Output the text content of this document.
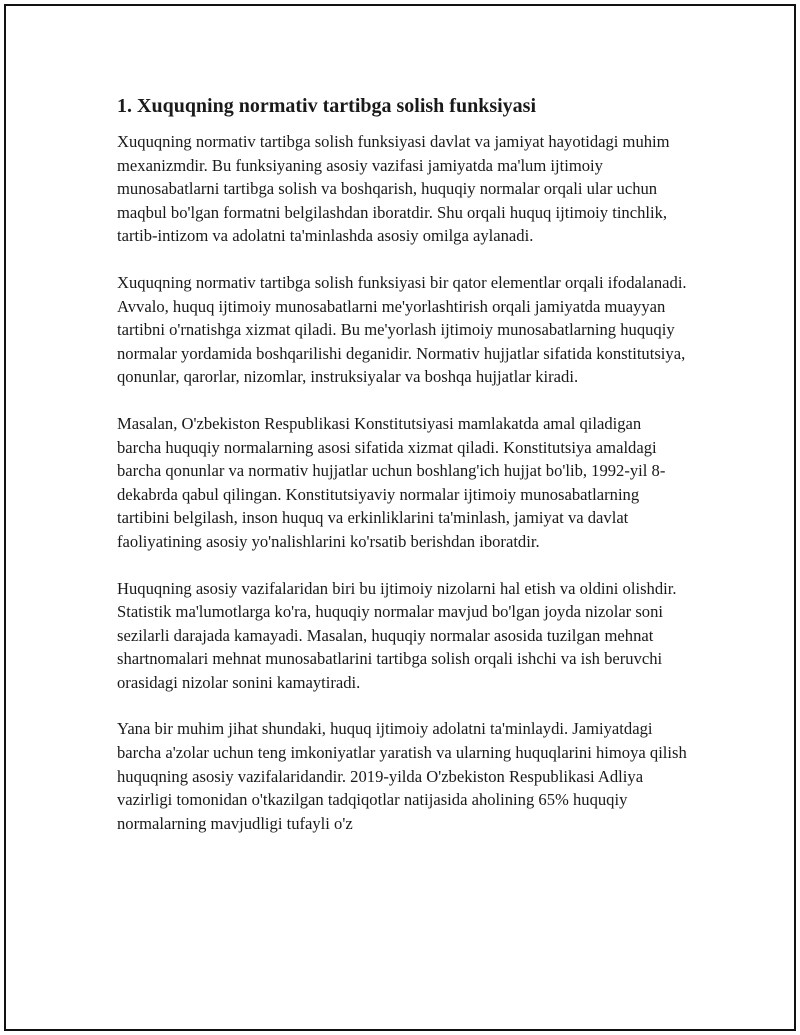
1. Xuquqning normativ tartibga solish funksiyasi

Xuquqning normativ tartibga solish funksiyasi davlat va jamiyat hayotidagi muhim mexanizmdir. Bu funksiyaning asosiy vazifasi jamiyatda ma'lum ijtimoiy munosabatlarni tartibga solish va boshqarish, huquqiy normalar orqali ular uchun maqbul bo'lgan formatni belgilashdan iboratdir. Shu orqali huquq ijtimoiy tinchlik, tartib-intizom va adolatni ta'minlashda asosiy omilga aylanadi.

Xuquqning normativ tartibga solish funksiyasi bir qator elementlar orqali ifodalanadi. Avvalo, huquq ijtimoiy munosabatlarni me'yorlashtirish orqali jamiyatda muayyan tartibni o'rnatishga xizmat qiladi. Bu me'yorlash ijtimoiy munosabatlarning huquqiy normalar yordamida boshqarilishi deganidir. Normativ hujjatlar sifatida konstitutsiya, qonunlar, qarorlar, nizomlar, instruksiyalar va boshqa hujjatlar kiradi.

Masalan, O'zbekiston Respublikasi Konstitutsiyasi mamlakatda amal qiladigan barcha huquqiy normalarning asosi sifatida xizmat qiladi. Konstitutsiya amaldagi barcha qonunlar va normativ hujjatlar uchun boshlang'ich hujjat bo'lib, 1992-yil 8-dekabrda qabul qilingan. Konstitutsiyaviy normalar ijtimoiy munosabatlarning tartibini belgilash, inson huquq va erkinliklarini ta'minlash, jamiyat va davlat faoliyatining asosiy yo'nalishlarini ko'rsatib berishdan iboratdir.

Huquqning asosiy vazifalaridan biri bu ijtimoiy nizolarni hal etish va oldini olishdir. Statistik ma'lumotlarga ko'ra, huquqiy normalar mavjud bo'lgan joyda nizolar soni sezilarli darajada kamayadi. Masalan, huquqiy normalar asosida tuzilgan mehnat shartnomalari mehnat munosabatlarini tartibga solish orqali ishchi va ish beruvchi orasidagi nizolar sonini kamaytiradi.

Yana bir muhim jihat shundaki, huquq ijtimoiy adolatni ta'minlaydi. Jamiyatdagi barcha a'zolar uchun teng imkoniyatlar yaratish va ularning huquqlarini himoya qilish huquqning asosiy vazifalaridandir. 2019-yilda O'zbekiston Respublikasi Adliya vazirligi tomonidan o'tkazilgan tadqiqotlar natijasida aholining 65% huquqiy normalarning mavjudligi tufayli o'z
